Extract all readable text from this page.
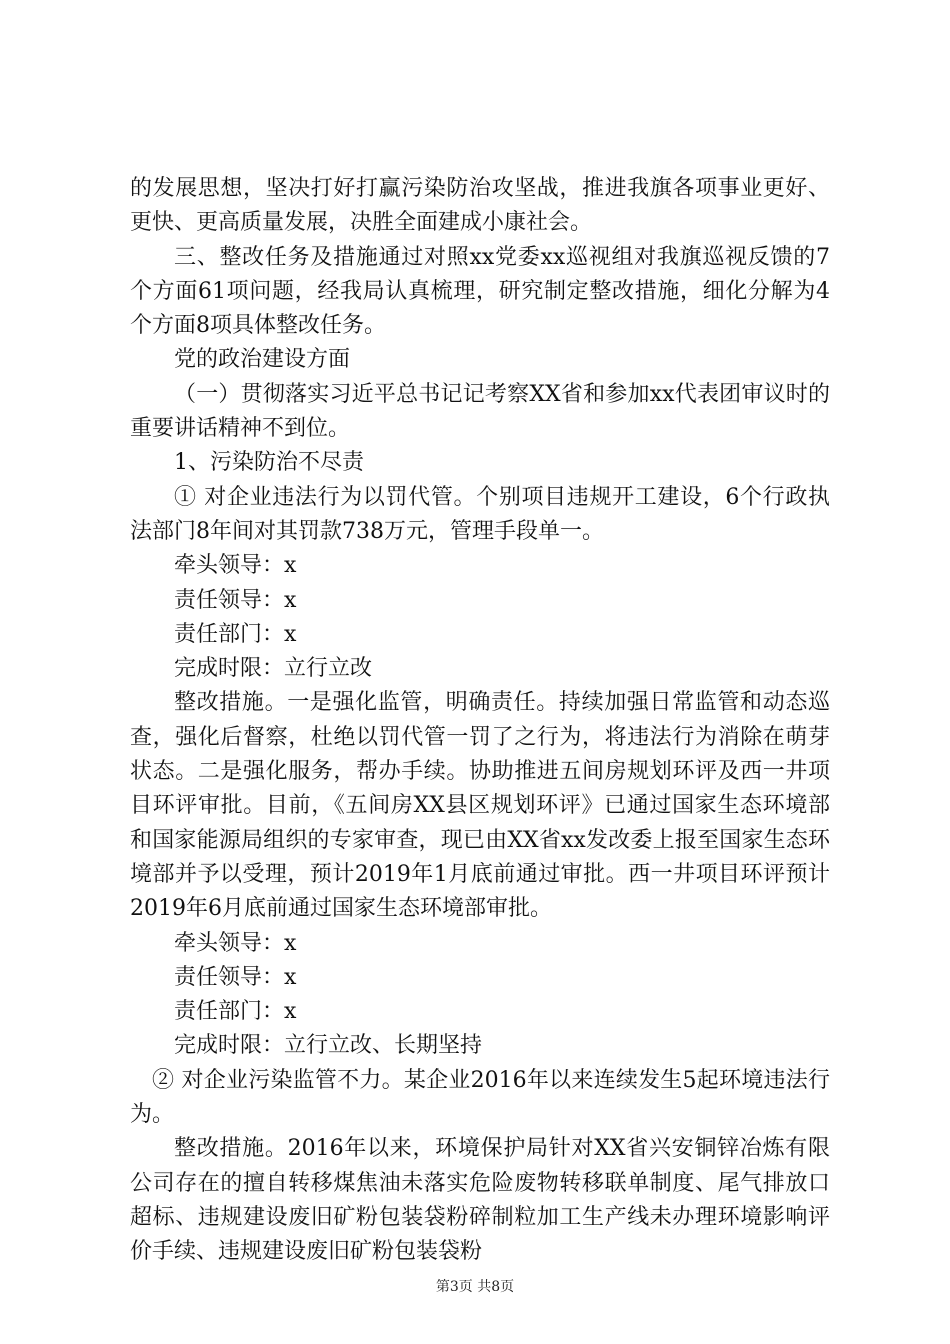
的发展思想，坚决打好打赢污染防治攻坚战，推进我旗各项事业更好、更快、更高质量发展，决胜全面建成小康社会。

三、整改任务及措施通过对照xx党委xx巡视组对我旗巡视反馈的7个方面61项问题，经我局认真梳理，研究制定整改措施，细化分解为4个方面8项具体整改任务。

党的政治建设方面

（一）贯彻落实习近平总书记记考察XX省和参加xx代表团审议时的重要讲话精神不到位。

1、污染防治不尽责

① 对企业违法行为以罚代管。个别项目违规开工建设，6个行政执法部门8年间对其罚款738万元，管理手段单一。

牵头领导：x

责任领导：x

责任部门：x

完成时限：立行立改

整改措施。一是强化监管，明确责任。持续加强日常监管和动态巡查，强化后督察，杜绝以罚代管一罚了之行为，将违法行为消除在萌芽状态。二是强化服务，帮办手续。协助推进五间房规划环评及西一井项目环评审批。目前，《五间房XX县区规划环评》已通过国家生态环境部和国家能源局组织的专家审查，现已由XX省xx发改委上报至国家生态环境部并予以受理，预计2019年1月底前通过审批。西一井项目环评预计2019年6月底前通过国家生态环境部审批。

牵头领导：x

责任领导：x

责任部门：x

完成时限：立行立改、长期坚持

② 对企业污染监管不力。某企业2016年以来连续发生5起环境违法行为。

整改措施。2016年以来，环境保护局针对XX省兴安铜锌冶炼有限公司存在的擅自转移煤焦油未落实危险废物转移联单制度、尾气排放口超标、违规建设废旧矿粉包装袋粉碎制粒加工生产线未办理环境影响评价手续、违规建设废旧矿粉包装袋粉

第3页 共8页
